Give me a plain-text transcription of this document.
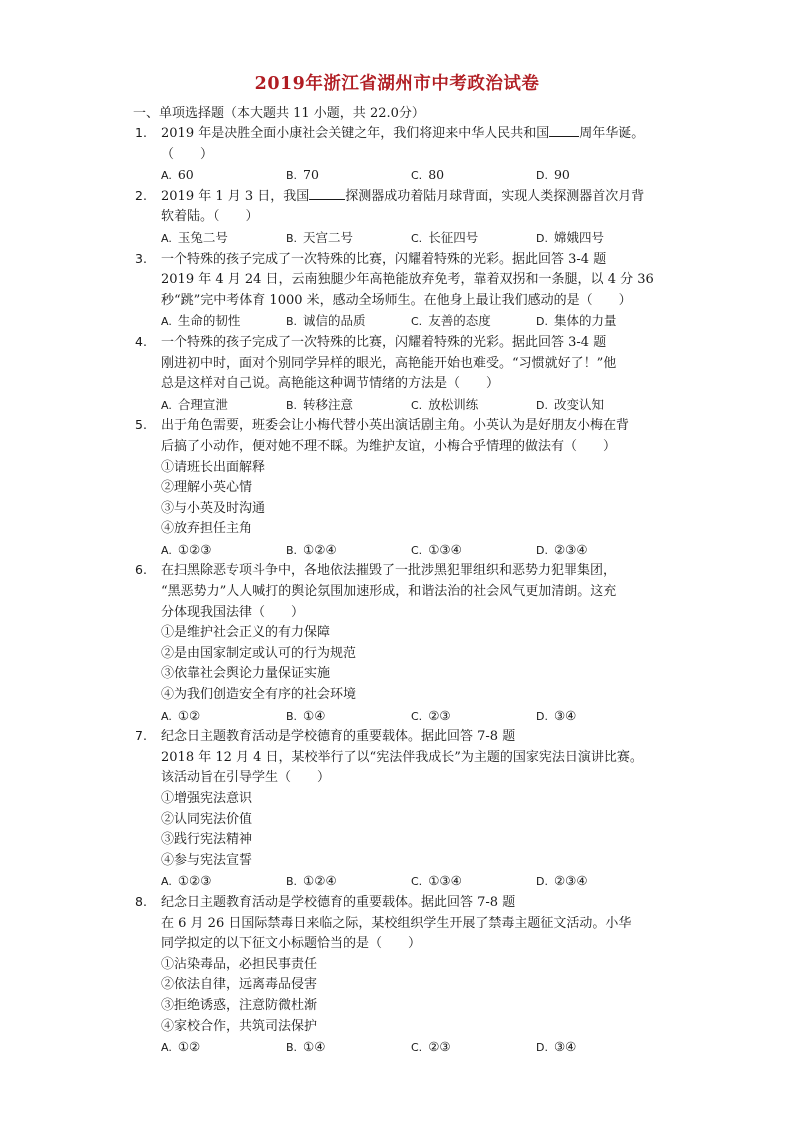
2019年浙江省湖州市中考政治试卷
一、单项选择题（本大题共 11 小题，共 22.0分）
1. 2019 年是决胜全面小康社会关键之年，我们将迎来中华人民共和国 周年华诞。
（　　）
A. 60	B. 70	C. 80	D. 90
2. 2019 年 1 月 3 日，我国	探测器成功着陆月球背面，实现人类探测器首次月背
软着陆。（　　）
A. 玉兔二号	B. 天宫二号	C. 长征四号	D. 嫦娥四号
3. 一个特殊的孩子完成了一次特殊的比赛，闪耀着特殊的光彩。据此回答 3-4 题
2019 年 4 月 24 日，云南独腿少年高艳能放弃免考，靠着双拐和一条腿，以 4 分 36
秒“跳”完中考体育 1000 米，感动全场师生。在他身上最让我们感动的是（　　）
A. 生命的韧性	B. 诚信的品质	C. 友善的态度	D. 集体的力量
4. 一个特殊的孩子完成了一次特殊的比赛，闪耀着特殊的光彩。据此回答 3-4 题
刚进初中时，面对个别同学异样的眼光，高艳能开始也难受。“习惯就好了！”他
总是这样对自己说。高艳能这种调节情绪的方法是（　　）
A. 合理宣泄	B. 转移注意	C. 放松训练	D. 改变认知
5. 出于角色需要，班委会让小梅代替小英出演话剧主角。小英认为是好朋友小梅在背
后搞了小动作，便对她不理不睬。为维护友谊，小梅合乎情理的做法有（　　）
①请班长出面解释
②理解小英心情
③与小英及时沟通
④放弃担任主角
A. ①②③	B. ①②④	C. ①③④	D. ②③④
6. 在扫黑除恶专项斗争中，各地依法摧毁了一批涉黑犯罪组织和恶势力犯罪集团，
“黑恶势力”人人喊打的舆论氛围加速形成，和谐法治的社会风气更加清朗。这充
分体现我国法律（　　）
①是维护社会正义的有力保障
②是由国家制定或认可的行为规范
③依靠社会舆论力量保证实施
④为我们创造安全有序的社会环境
A. ①②	B. ①④	C. ②③	D. ③④
7. 纪念日主题教育活动是学校德育的重要载体。据此回答 7-8 题
2018 年 12 月 4 日，某校举行了以“宪法伴我成长”为主题的国家宪法日演讲比赛。
该活动旨在引导学生（　　）
①增强宪法意识
②认同宪法价值
③践行宪法精神
④参与宪法宣誓
A. ①②③	B. ①②④	C. ①③④	D. ②③④
8. 纪念日主题教育活动是学校德育的重要载体。据此回答 7-8 题
在 6 月 26 日国际禁毒日来临之际，某校组织学生开展了禁毒主题征文活动。小华
同学拟定的以下征文小标题恰当的是（　　）
①沾染毒品，必担民事责任
②依法自律，远离毒品侵害
③拒绝诱惑，注意防微杜渐
④家校合作，共筑司法保护
A. ①②	B. ①④	C. ②③	D. ③④
